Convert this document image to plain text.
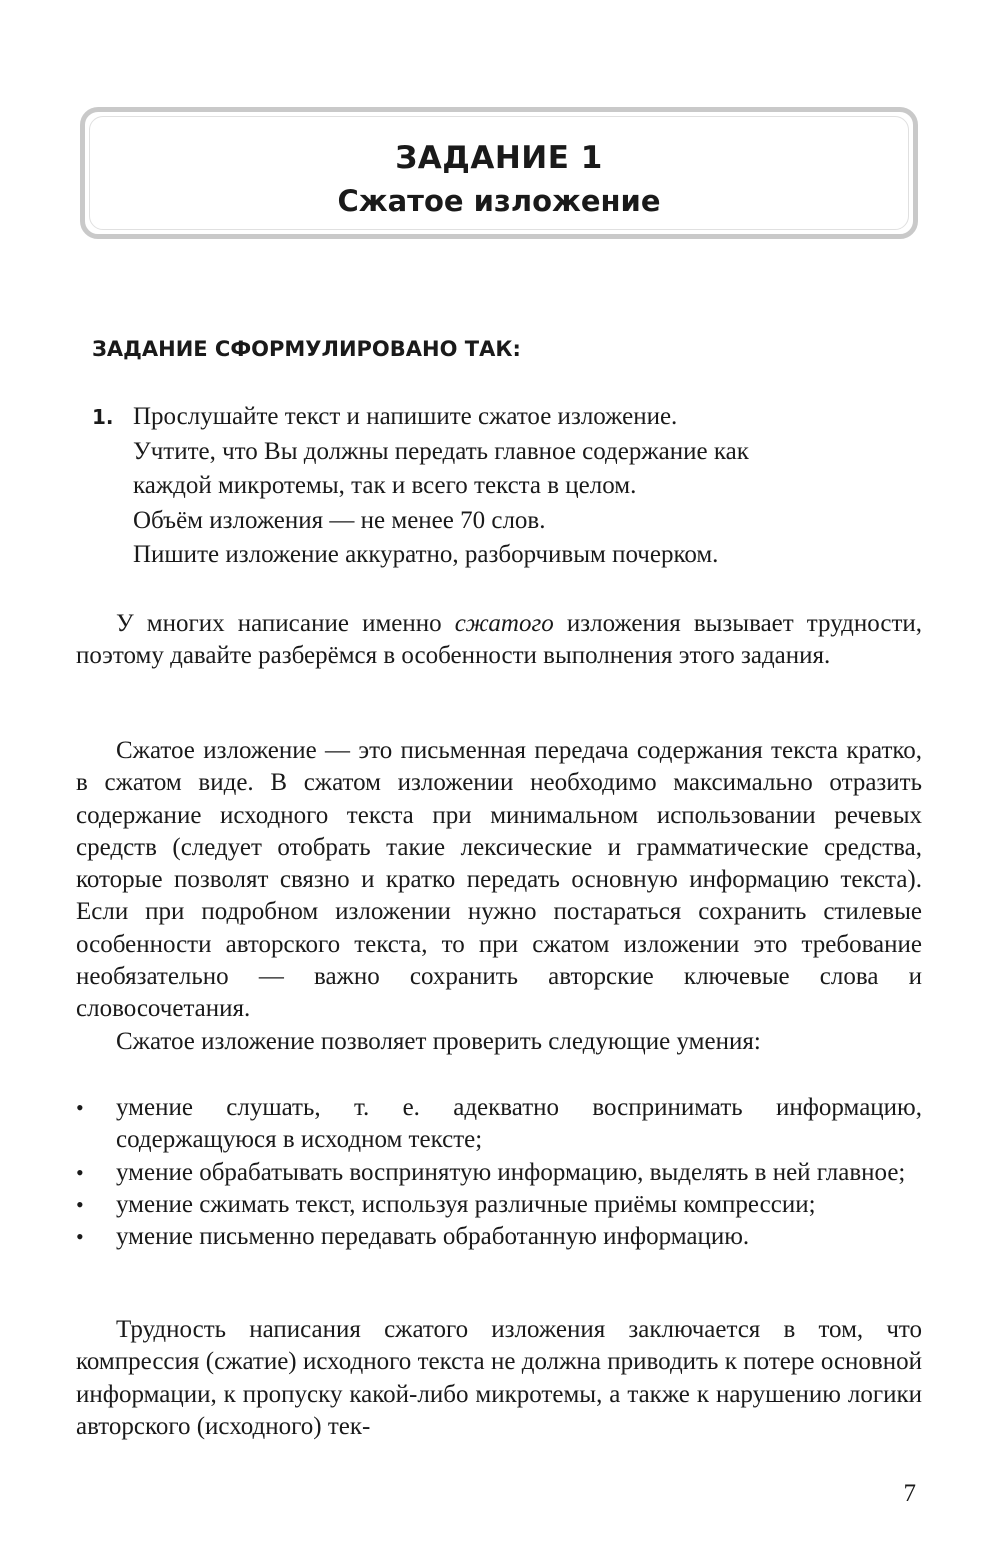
ЗАДАНИЕ 1
Сжатое изложение
ЗАДАНИЕ СФОРМУЛИРОВАНО ТАК:
1. Прослушайте текст и напишите сжатое изложение.
Учтите, что Вы должны передать главное содержание как
каждой микротемы, так и всего текста в целом.
Объём изложения — не менее 70 слов.
Пишите изложение аккуратно, разборчивым почерком.

У многих написание именно сжатого изложения вызывает трудности, поэтому давайте разберёмся в особенности выполнения этого задания.

Сжатое изложение — это письменная передача содержания текста кратко, в сжатом виде. В сжатом изложении необходимо максимально отразить содержание исходного текста при минимальном использовании речевых средств (следует отобрать такие лексические и грамматические средства, которые позволят связно и кратко передать основную информацию текста). Если при подробном изложении нужно постараться сохранить стилевые особенности авторского текста, то при сжатом изложении это требование необязательно — важно сохранить авторские ключевые слова и словосочетания.

Сжатое изложение позволяет проверить следующие умения:

• умение слушать, т. е. адекватно воспринимать информацию, содержащуюся в исходном тексте;
• умение обрабатывать воспринятую информацию, выделять в ней главное;
• умение сжимать текст, используя различные приёмы компрессии;
• умение письменно передавать обработанную информацию.

Трудность написания сжатого изложения заключается в том, что компрессия (сжатие) исходного текста не должна приводить к потере основной информации, к пропуску какой-либо микротемы, а также к нарушению логики авторского (исходного) тек-

7
